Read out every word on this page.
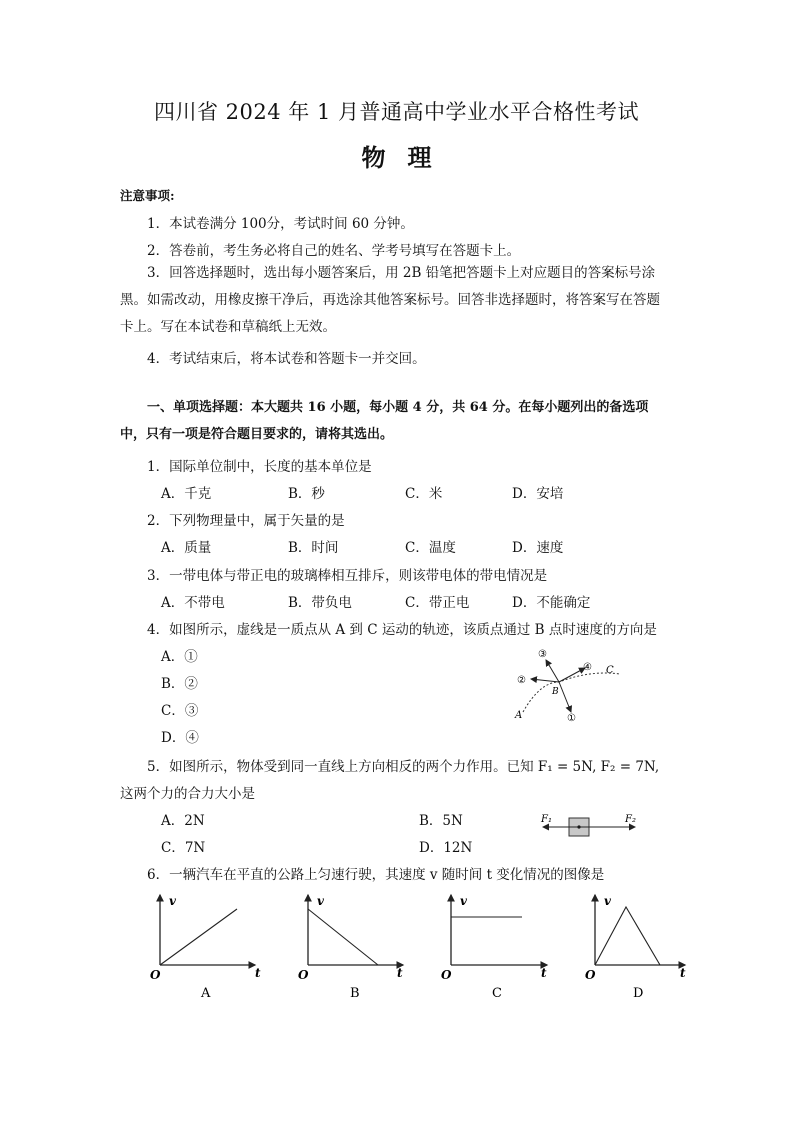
四川省 2024 年 1 月普通高中学业水平合格性考试
物理
注意事项:
1．本试卷满分 100分，考试时间 60 分钟。
2．答卷前，考生务必将自己的姓名、学考号填写在答题卡上。
3．回答选择题时，选出每小题答案后，用 2B 铅笔把答题卡上对应题目的答案标号涂黑。如需改动，用橡皮擦干净后，再选涂其他答案标号。回答非选择题时，将答案写在答题卡上。写在本试卷和草稿纸上无效。
4．考试结束后，将本试卷和答题卡一并交回。
一、单项选择题：本大题共 16 小题，每小题 4 分，共 64 分。在每小题列出的备选项中，只有一项是符合题目要求的，请将其选出。
1．国际单位制中，长度的基本单位是
A．千克	B．秒	C．米	D．安培
2．下列物理量中，属于矢量的是
A．质量	B．时间	C．温度	D．速度
3．一带电体与带正电的玻璃棒相互排斥，则该带电体的带电情况是
A．不带电	B．带负电	C．带正电	D．不能确定
4．如图所示，虚线是一质点从 A 到 C 运动的轨迹，该质点通过 B 点时速度的方向是
A．①
B．②
C．③
D．④
A
B
C
①
②
③
④
5．如图所示，物体受到同一直线上方向相反的两个力作用。已知 F₁ = 5N, F₂ = 7N,
这两个力的合力大小是
A．2N	B．5N
C．7N	D．12N
F₁	F₂
6．一辆汽车在平直的公路上匀速行驶，其速度 v 随时间 t 变化情况的图像是
v
t
O
A
v
t
O
B
v
t
O
C
v
t
O
D
